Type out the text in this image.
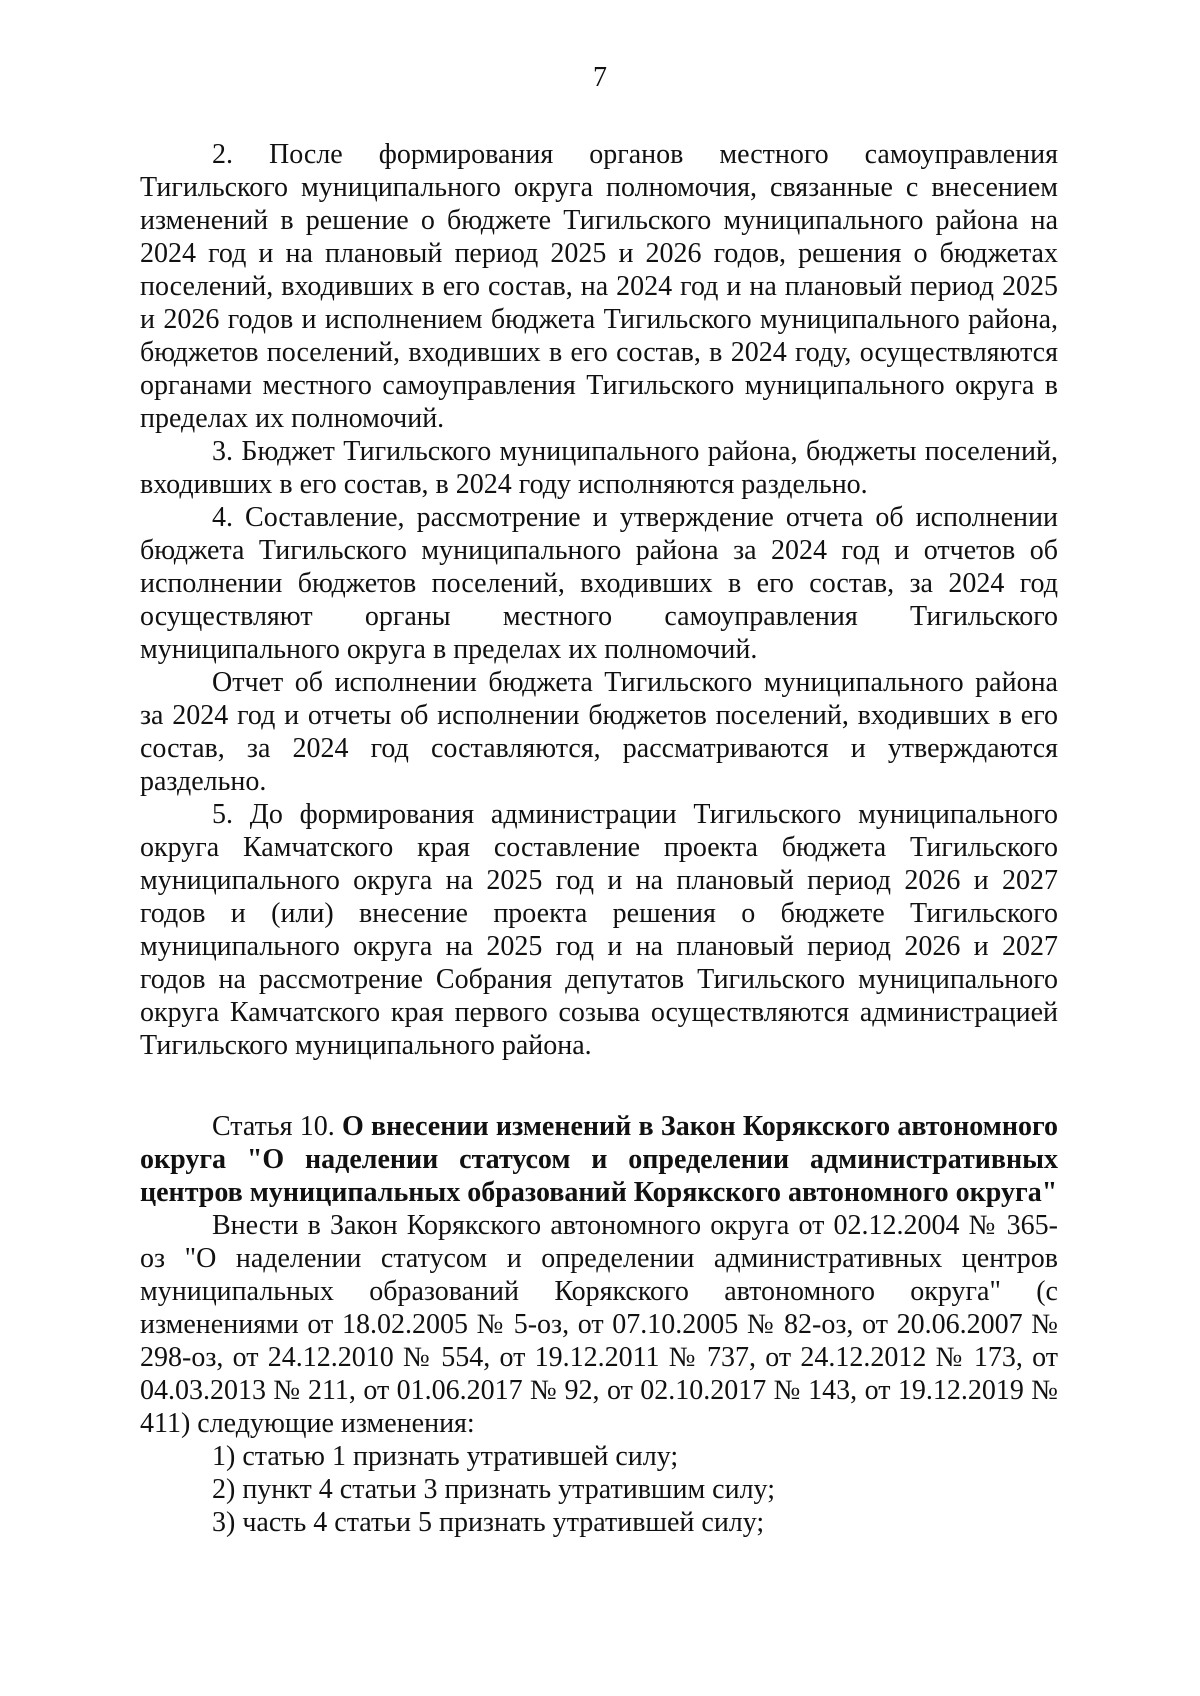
7

2. После формирования органов местного самоуправления Тигильского муниципального округа полномочия, связанные с внесением изменений в решение о бюджете Тигильского муниципального района на 2024 год и на плановый период 2025 и 2026 годов, решения о бюджетах поселений, входивших в его состав, на 2024 год и на плановый период 2025 и 2026 годов и исполнением бюджета Тигильского муниципального района, бюджетов поселений, входивших в его состав, в 2024 году, осуществляются органами местного самоуправления Тигильского муниципального округа в пределах их полномочий.

3. Бюджет Тигильского муниципального района, бюджеты поселений, входивших в его состав, в 2024 году исполняются раздельно.

4. Составление, рассмотрение и утверждение отчета об исполнении бюджета Тигильского муниципального района за 2024 год и отчетов об исполнении бюджетов поселений, входивших в его состав, за 2024 год осуществляют органы местного самоуправления Тигильского муниципального округа в пределах их полномочий.

Отчет об исполнении бюджета Тигильского муниципального района за 2024 год и отчеты об исполнении бюджетов поселений, входивших в его состав, за 2024 год составляются, рассматриваются и утверждаются раздельно.

5. До формирования администрации Тигильского муниципального округа Камчатского края составление проекта бюджета Тигильского муниципального округа на 2025 год и на плановый период 2026 и 2027 годов и (или) внесение проекта решения о бюджете Тигильского муниципального округа на 2025 год и на плановый период 2026 и 2027 годов на рассмотрение Собрания депутатов Тигильского муниципального округа Камчатского края первого созыва осуществляются администрацией Тигильского муниципального района.

Статья 10. О внесении изменений в Закон Корякского автономного округа "О наделении статусом и определении административных центров муниципальных образований Корякского автономного округа"

Внести в Закон Корякского автономного округа от 02.12.2004 № 365-оз "О наделении статусом и определении административных центров муниципальных образований Корякского автономного округа" (с изменениями от 18.02.2005 № 5-оз, от 07.10.2005 № 82-оз, от 20.06.2007 № 298-оз, от 24.12.2010 № 554, от 19.12.2011 № 737, от 24.12.2012 № 173, от 04.03.2013 № 211, от 01.06.2017 № 92, от 02.10.2017 № 143, от 19.12.2019 № 411) следующие изменения:

1) статью 1 признать утратившей силу;

2) пункт 4 статьи 3 признать утратившим силу;

3) часть 4 статьи 5 признать утратившей силу;
